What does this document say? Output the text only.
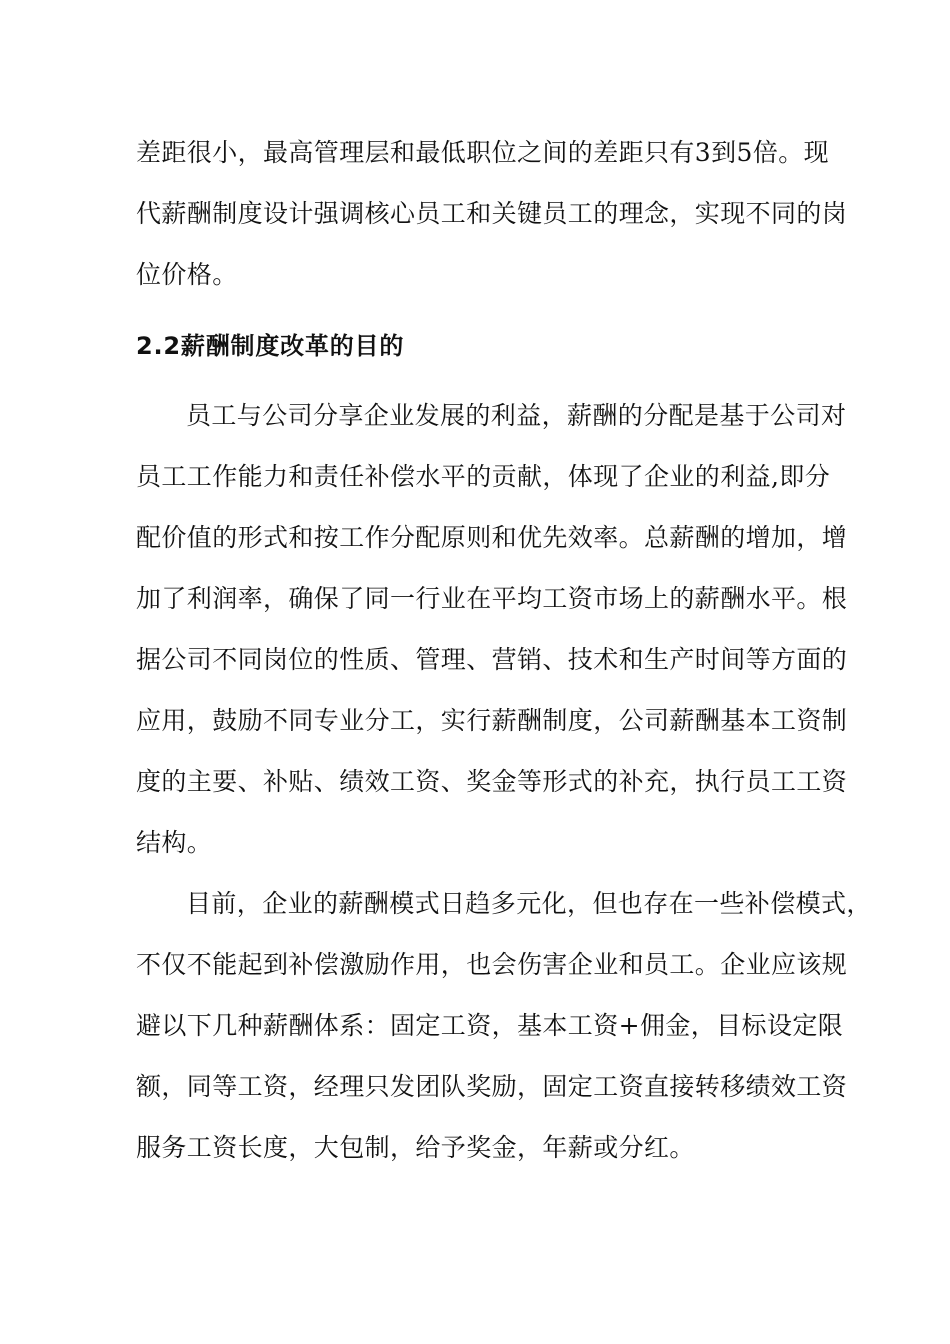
差距很小，最高管理层和最低职位之间的差距只有3到5倍。现
代薪酬制度设计强调核心员工和关键员工的理念，实现不同的岗
位价格。
2.2薪酬制度改革的目的
员工与公司分享企业发展的利益，薪酬的分配是基于公司对
员工工作能力和责任补偿水平的贡献，体现了企业的利益,即分
配价值的形式和按工作分配原则和优先效率。总薪酬的增加，增
加了利润率，确保了同一行业在平均工资市场上的薪酬水平。根
据公司不同岗位的性质、管理、营销、技术和生产时间等方面的
应用，鼓励不同专业分工，实行薪酬制度，公司薪酬基本工资制
度的主要、补贴、绩效工资、奖金等形式的补充，执行员工工资
结构。
目前，企业的薪酬模式日趋多元化，但也存在一些补偿模式，
不仅不能起到补偿激励作用，也会伤害企业和员工。企业应该规
避以下几种薪酬体系：固定工资，基本工资+佣金，目标设定限
额，同等工资，经理只发团队奖励，固定工资直接转移绩效工资
服务工资长度，大包制，给予奖金，年薪或分红。
